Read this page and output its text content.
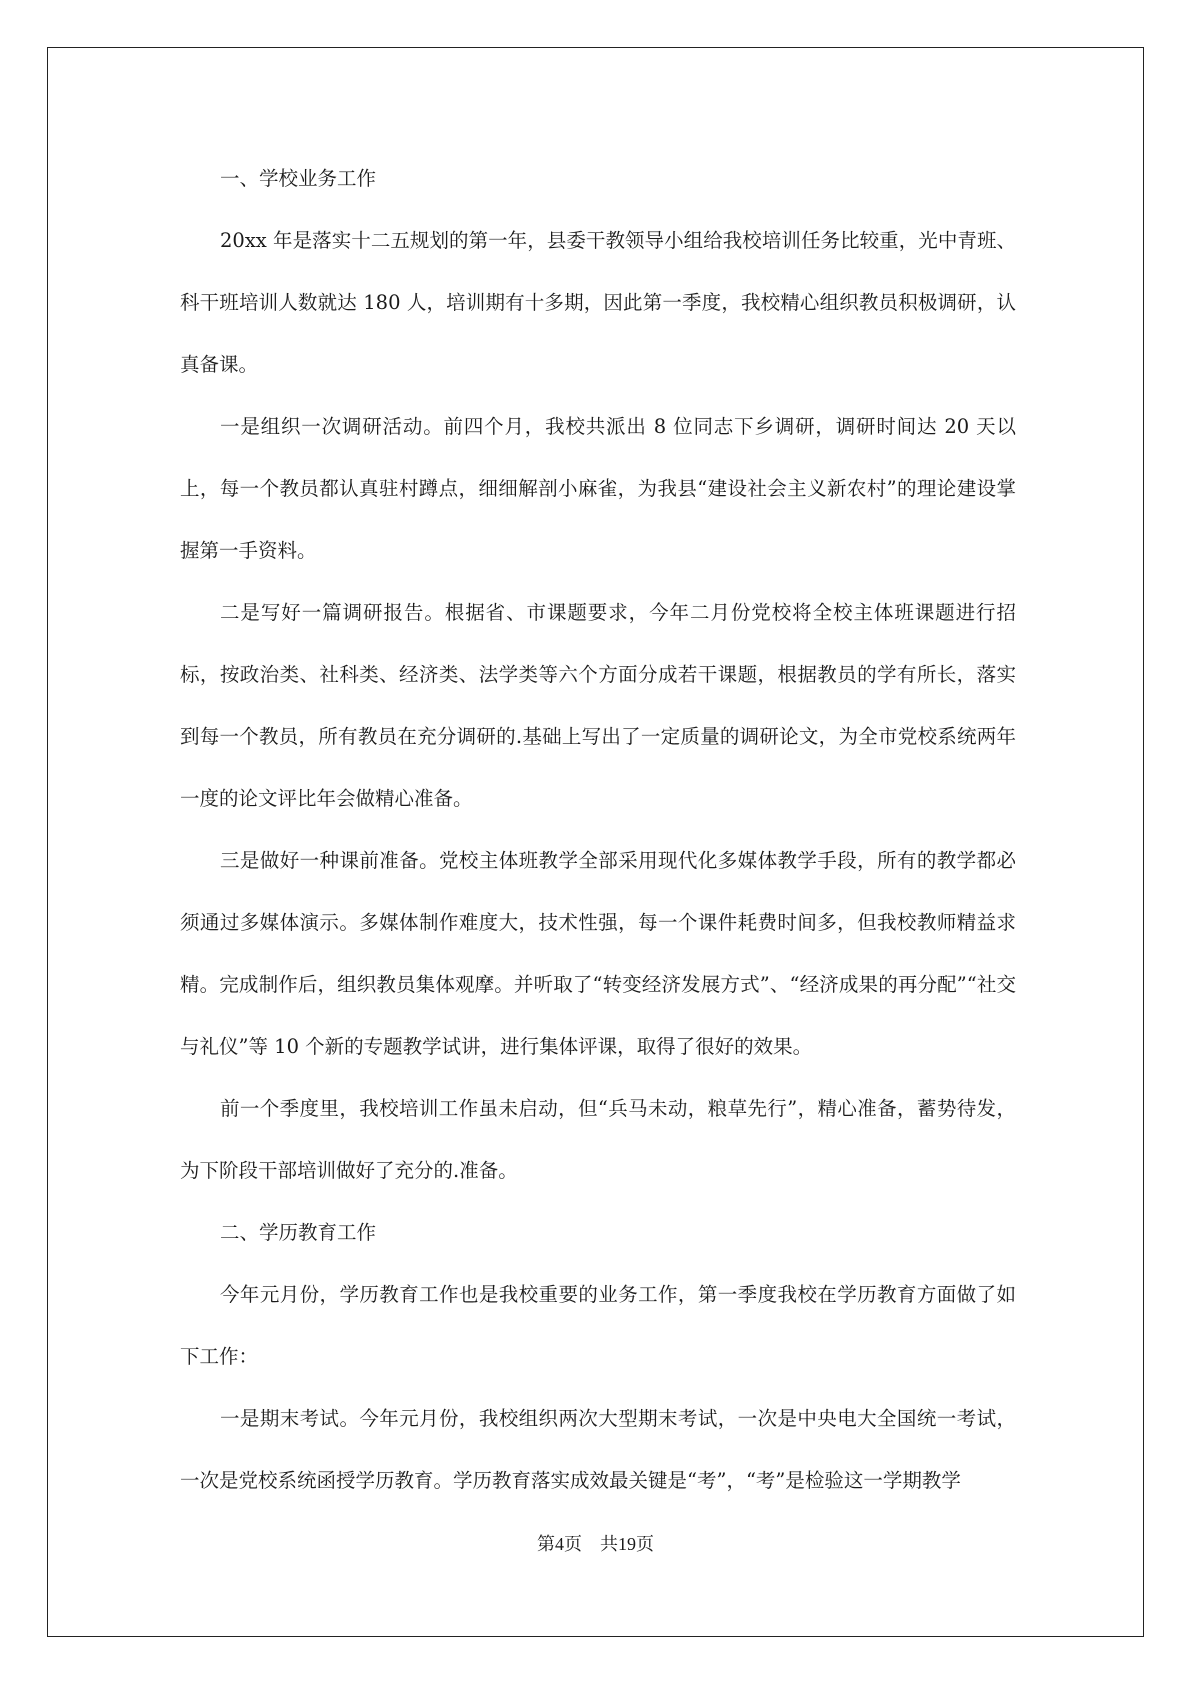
一、学校业务工作

20xx 年是落实十二五规划的第一年，县委干教领导小组给我校培训任务比较重，光中青班、科干班培训人数就达 180 人，培训期有十多期，因此第一季度，我校精心组织教员积极调研，认真备课。

一是组织一次调研活动。前四个月，我校共派出 8 位同志下乡调研，调研时间达 20 天以上，每一个教员都认真驻村蹲点，细细解剖小麻雀，为我县“建设社会主义新农村”的理论建设掌握第一手资料。

二是写好一篇调研报告。根据省、市课题要求，今年二月份党校将全校主体班课题进行招标，按政治类、社科类、经济类、法学类等六个方面分成若干课题，根据教员的学有所长，落实到每一个教员，所有教员在充分调研的.基础上写出了一定质量的调研论文，为全市党校系统两年一度的论文评比年会做精心准备。

三是做好一种课前准备。党校主体班教学全部采用现代化多媒体教学手段，所有的教学都必须通过多媒体演示。多媒体制作难度大，技术性强，每一个课件耗费时间多，但我校教师精益求精。完成制作后，组织教员集体观摩。并听取了“转变经济发展方式”、“经济成果的再分配”“社交与礼仪”等 10 个新的专题教学试讲，进行集体评课，取得了很好的效果。

前一个季度里，我校培训工作虽未启动，但“兵马未动，粮草先行”，精心准备，蓄势待发，为下阶段干部培训做好了充分的.准备。

二、学历教育工作

今年元月份，学历教育工作也是我校重要的业务工作，第一季度我校在学历教育方面做了如下工作：

一是期末考试。今年元月份，我校组织两次大型期末考试，一次是中央电大全国统一考试，一次是党校系统函授学历教育。学历教育落实成效最关键是“考”，“考”是检验这一学期教学

第4页 共19页
